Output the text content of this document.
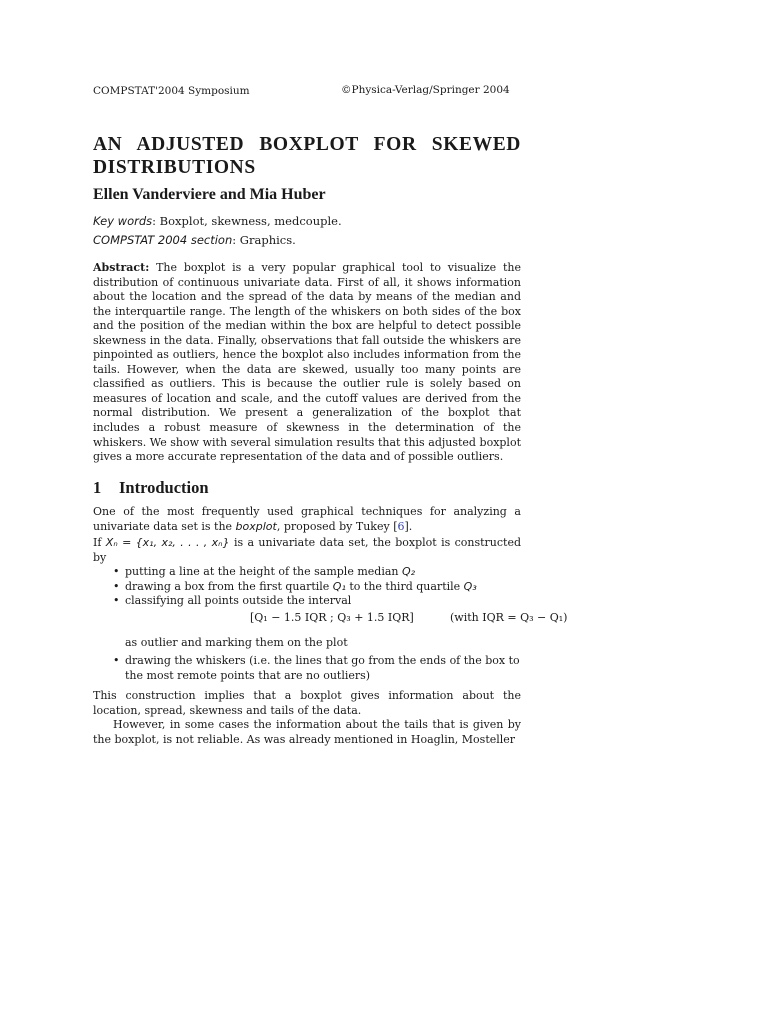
COMPSTAT'2004 Symposium	©Physica-Verlag/Springer 2004
AN ADJUSTED BOXPLOT FOR SKEWED
DISTRIBUTIONS

Ellen Vanderviere and Mia Huber

Key words: Boxplot, skewness, medcouple.
COMPSTAT 2004 section: Graphics.

Abstract: The boxplot is a very popular graphical tool to visualize the distribution of continuous univariate data. First of all, it shows information about the location and the spread of the data by means of the median and the interquartile range. The length of the whiskers on both sides of the box and the position of the median within the box are helpful to detect possible skewness in the data. Finally, observations that fall outside the whiskers are pinpointed as outliers, hence the boxplot also includes information from the tails. However, when the data are skewed, usually too many points are classified as outliers. This is because the outlier rule is solely based on measures of location and scale, and the cutoff values are derived from the normal distribution. We present a generalization of the boxplot that includes a robust measure of skewness in the determination of the whiskers. We show with several simulation results that this adjusted boxplot gives a more accurate representation of the data and of possible outliers.

1 Introduction

One of the most frequently used graphical techniques for analyzing a univariate data set is the boxplot, proposed by Tukey [6].

If Xₙ = {x₁, x₂, . . . , xₙ} is a univariate data set, the boxplot is constructed by

• putting a line at the height of the sample median Q₂
• drawing a box from the first quartile Q₁ to the third quartile Q₃
• classifying all points outside the interval
• drawing the whiskers (i.e. the lines that go from the ends of the box to the most remote points that are no outliers)
[Q₁ − 1.5 IQR ; Q₃ + 1.5 IQR]	(with IQR = Q₃ − Q₁)
as outlier and marking them on the plot

This construction implies that a boxplot gives information about the location, spread, skewness and tails of the data.

However, in some cases the information about the tails that is given by the boxplot, is not reliable. As was already mentioned in Hoaglin, Mosteller
